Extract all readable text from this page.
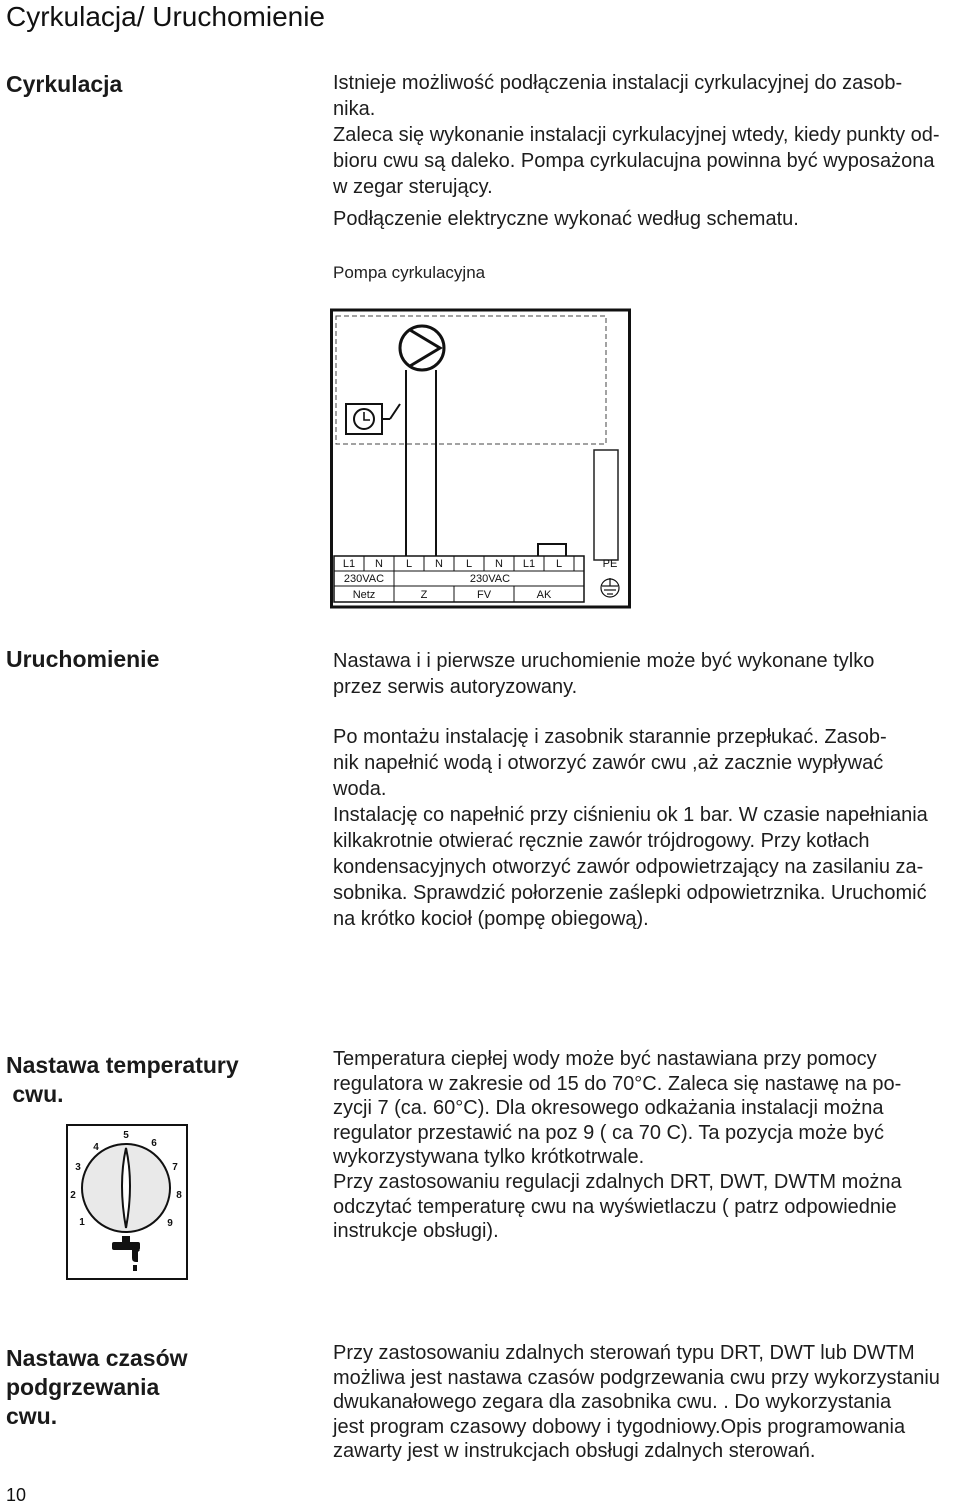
Cyrkulacja/ Uruchomienie
Cyrkulacja	Istnieje możliwość podłączenia instalacji cyrkulacyjnej do zasob-
nika.
Zaleca się wykonanie instalacji cyrkulacyjnej wtedy, kiedy punkty od-
bioru cwu są daleko. Pompa cyrkulacujna powinna być wyposażona
w zegar sterujący.
Podłączenie elektryczne wykonać według schematu.
Pompa cyrkulacyjna
L1 N L N L N L1 L
230VAC	230VAC
Netz	Z	FV	AK
PE
Uruchomienie	Nastawa i i pierwsze uruchomienie może być wykonane tylko
przez serwis autoryzowany.
Po montażu instalację i zasobnik starannie przepłukać. Zasob-
nik napełnić wodą i otworzyć zawór cwu ,aż zacznie wypływać
woda.
Instalację co napełnić przy ciśnieniu ok 1 bar. W czasie napełniania
kilkakrotnie otwierać ręcznie zawór trójdrogowy. Przy kotłach
kondensacyjnych otworzyć zawór odpowietrzający na zasilaniu za-
sobnika. Sprawdzić połorzenie zaślepki odpowietrznika. Uruchomić
na krótko kocioł (pompę obiegową).
Nastawa temperatury
cwu.
Temperatura ciepłej wody może być nastawiana przy pomocy
regulatora w zakresie od 15 do 70°C. Zaleca się nastawę na po-
zycji 7 (ca. 60°C). Dla okresowego odkażania instalacji można
regulator przestawić na poz 9 ( ca 70 C). Ta pozycja może być
wykorzystywana tylko krótkotrwale.
Przy zastosowaniu regulacji zdalnych DRT, DWT, DWTM można
odczytać temperaturę cwu na wyświetlaczu ( patrz odpowiednie
instrukcje obsługi).
1
2
3
4
5
6
7
8
9
Nastawa czasów
podgrzewania
cwu.
Przy zastosowaniu zdalnych sterowań typu DRT, DWT lub DWTM
możliwa jest nastawa czasów podgrzewania cwu przy wykorzystaniu
dwukanałowego zegara dla zasobnika cwu. . Do wykorzystania
jest program czasowy dobowy i tygodniowy.Opis programowania
zawarty jest w instrukcjach obsługi zdalnych sterowań.
10
